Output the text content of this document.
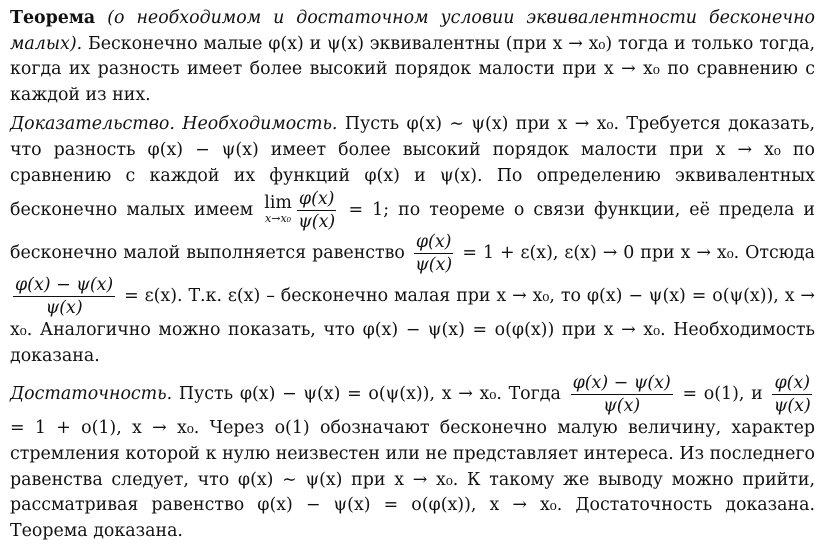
Теорема (о необходимом и достаточном условии эквивалентности бесконечно малых). Бесконечно малые φ(x) и ψ(x) эквивалентны (при x → x₀) тогда и только тогда, когда их разность имеет более высокий порядок малости при x → x₀ по сравнению с каждой из них.

Доказательство. Необходимость. Пусть φ(x) ∼ ψ(x) при x → x₀. Требуется доказать, что разность φ(x) − ψ(x) имеет более высокий порядок малости при x → x₀ по сравнению с каждой их функций φ(x) и ψ(x). По определению эквивалентных бесконечно малых имеем lim
$x\to x_0 \frac{\varphi(x)}{\psi(x)} = 1$; по теореме о связи функции, её предела и бесконечно малой выполняется равенство $\frac{\varphi(x)}{\psi(x)} = 1 + \varepsilon(x)$, ε(x) → 0 при x → x₀. Отсюда
$\frac{\varphi(x) - \psi(x)}{\psi(x)} = \varepsilon(x)$. Т.к. ε(x) – бесконечно малая при x → x₀, то φ(x) − ψ(x) = o(ψ(x)), x → x₀. Аналогично можно показать, что φ(x) − ψ(x) = o(φ(x)) при x → x₀. Необходимость доказана.

Достаточность. Пусть φ(x) − ψ(x) = o(ψ(x)), x → x₀. Тогда $\frac{\varphi(x) - \psi(x)}{\psi(x)} = o(1)$, и $\frac{\varphi(x)}{\psi(x)}$
= 1 + o(1), x → x₀. Через o(1) обозначают бесконечно малую величину, характер стремления которой к нулю неизвестен или не представляет интереса. Из последнего равенства следует, что φ(x) ∼ ψ(x) при x → x₀. К такому же выводу можно прийти, рассматривая равенство φ(x) − ψ(x) = o(φ(x)), x → x₀. Достаточность доказана. Теорема доказана.
